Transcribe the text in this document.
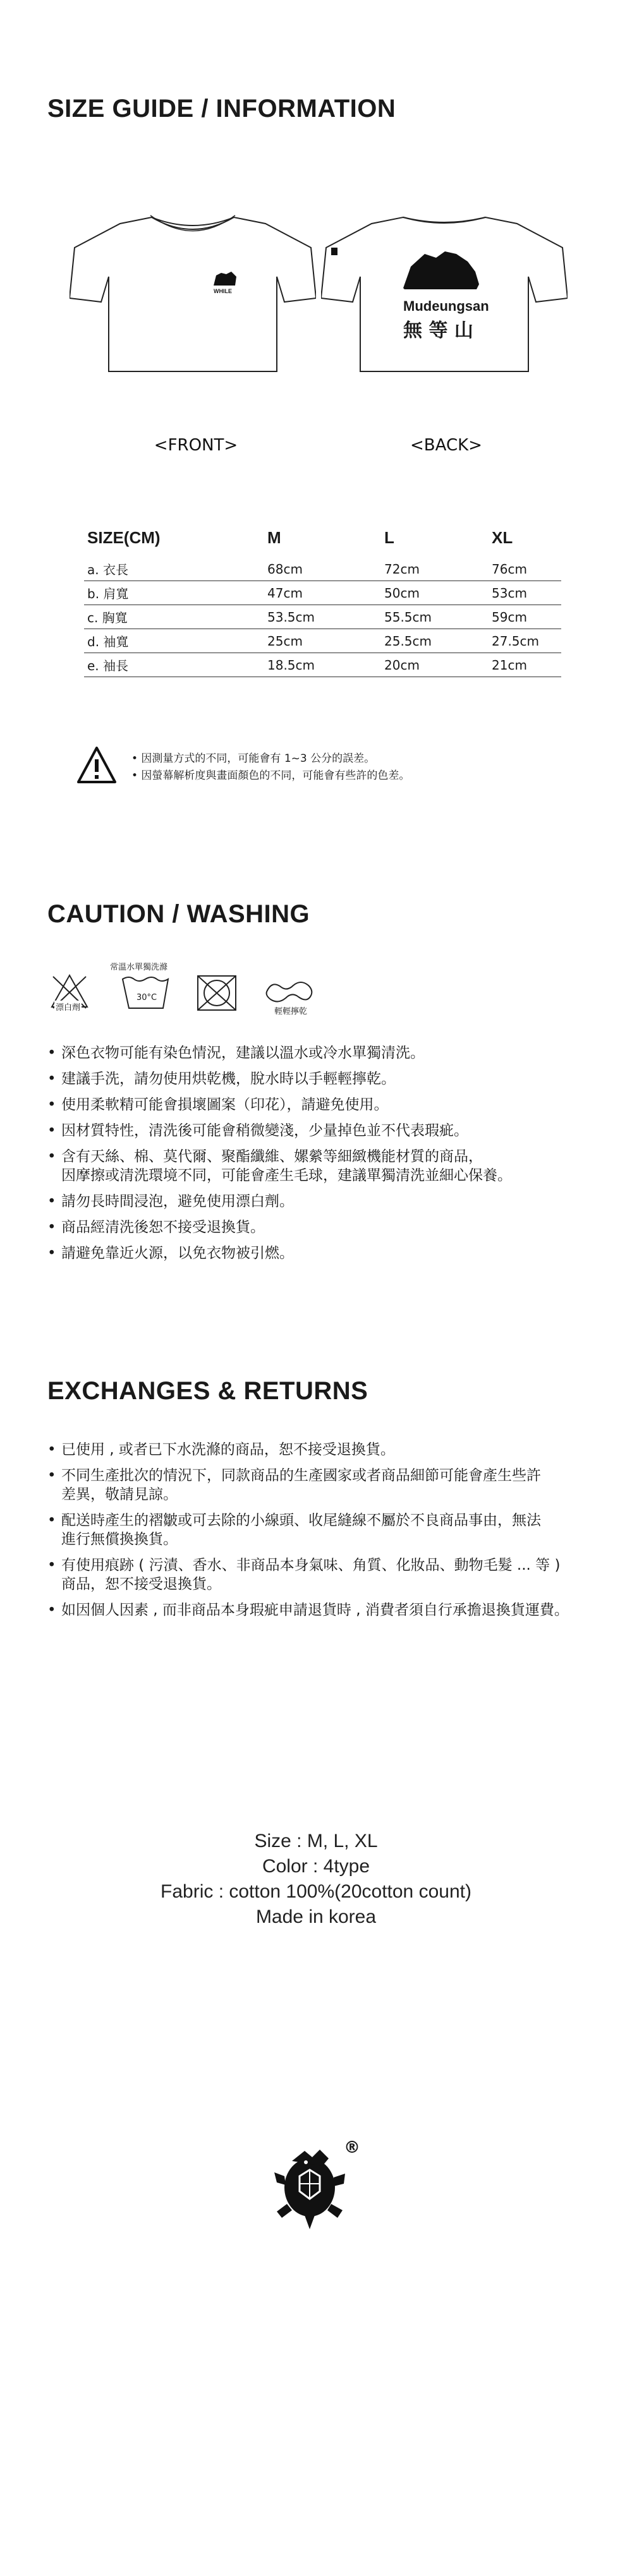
SIZE GUIDE / INFORMATION
WHILE
<FRONT>
Mudeungsan
無 等 山
<BACK>
SIZE(CM)	M	L	XL
a. 衣長	68cm	72cm	76cm
b. 肩寬	47cm	50cm	53cm
c. 胸寬	53.5cm	55.5cm	59cm
d. 袖寬	25cm	25.5cm	27.5cm
e. 袖長	18.5cm	20cm	21cm
• 因測量方式的不同，可能會有 1~3 公分的誤差。
• 因螢幕解析度與畫面顏色的不同，可能會有些許的色差。
CAUTION / WASHING
漂白劑
常溫水單獨洗滌
30°C
輕輕擰乾
• 深色衣物可能有染色情況，建議以溫水或冷水單獨清洗。
• 建議手洗，請勿使用烘乾機，脫水時以手輕輕擰乾。
• 使用柔軟精可能會損壞圖案（印花），請避免使用。
• 因材質特性，清洗後可能會稍微變淺，少量掉色並不代表瑕疵。
• 含有天絲、棉、莫代爾、聚酯纖維、嫘縈等細緻機能材質的商品，
因摩擦或清洗環境不同，可能會產生毛球，建議單獨清洗並細心保養。
• 請勿長時間浸泡，避免使用漂白劑。
• 商品經清洗後恕不接受退換貨。
• 請避免靠近火源，以免衣物被引燃。
EXCHANGES & RETURNS
• 已使用 , 或者已下水洗滌的商品，恕不接受退換貨。
• 不同生產批次的情況下，同款商品的生產國家或者商品細節可能會產生些許
差異，敬請見諒。
• 配送時產生的褶皺或可去除的小線頭、收尾縫線不屬於不良商品事由，無法
進行無償換換貨。
• 有使用痕跡 ( 污漬、香水、非商品本身氣味、角質、化妝品、動物毛髮 ... 等 )
商品，恕不接受退換貨。
• 如因個人因素 , 而非商品本身瑕疵申請退貨時 , 消費者須自行承擔退換貨運費。
Size : M, L, XL
Color : 4type
Fabric : cotton 100%(20cotton count)
Made in korea
®
